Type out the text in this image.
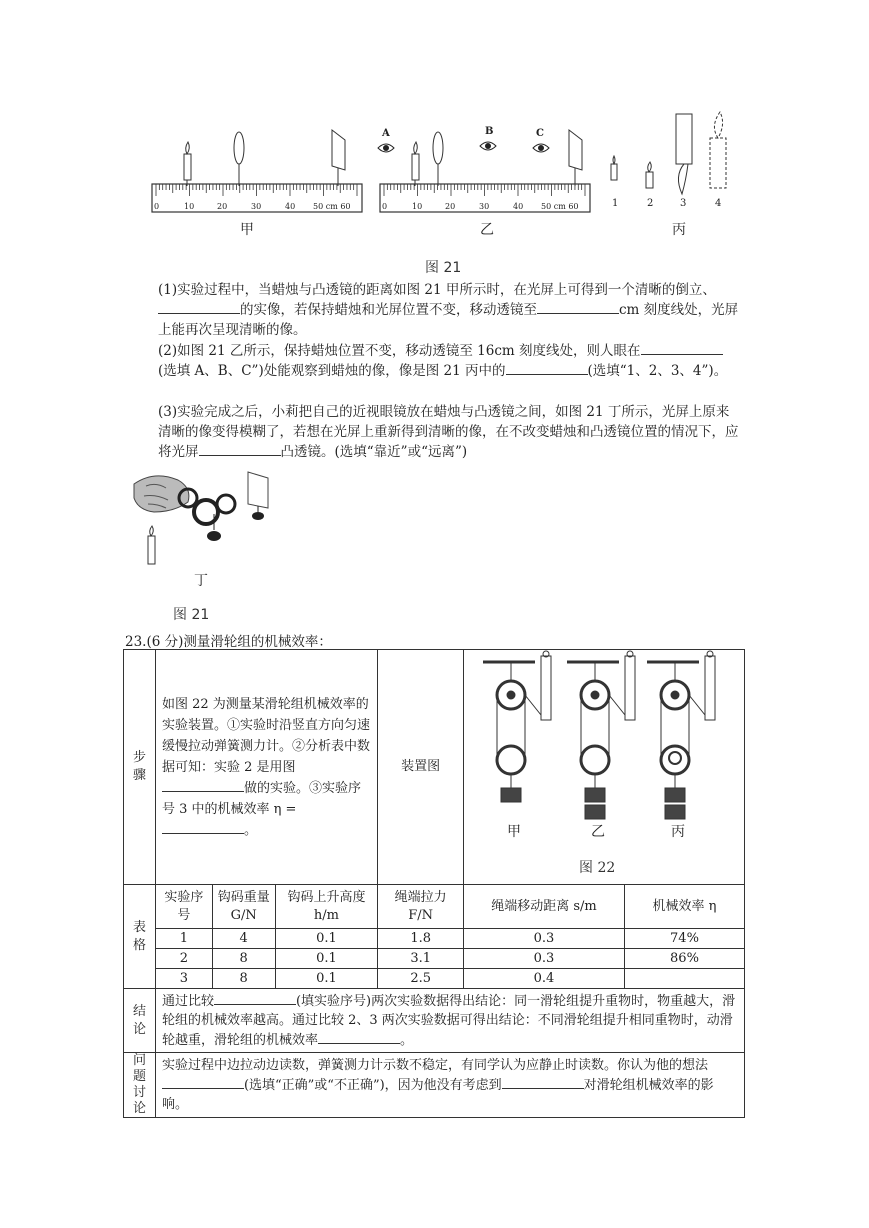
0	10	20	30	40 50 cm 60
甲
0	10	20	30	40 50 cm 60
A	B	C
乙
1	2	3	4
丙
图 21
(1)实验过程中，当蜡烛与凸透镜的距离如图 21 甲所示时，在光屏上可得到一个清晰的倒立、的实像，若保持蜡烛和光屏位置不变，移动透镜至	cm 刻度线处，光屏上能再次呈现清晰的像。
(2)如图 21 乙所示，保持蜡烛位置不变，移动透镜至 16cm 刻度线处，则人眼在(选填 A、B、C”)处能观察到蜡烛的像，像是图 21 丙中的	(选填“1、2、3、4”)。
(3)实验完成之后，小莉把自己的近视眼镜放在蜡烛与凸透镜之间，如图 21 丁所示，光屏上原来清晰的像变得模糊了，若想在光屏上重新得到清晰的像，在不改变蜡烛和凸透镜位置的情况下，应将光屏	凸透镜。(选填“靠近”或“远离”)
丁
图 21
23.(6 分)测量滑轮组的机械效率：
步骤	如图 22 为测量某滑轮组机械效率的实验装置。①实验时沿竖直方向匀速缓慢拉动弹簧测力计。②分析表中数据可知：实验 2 是用图做的实验。③实验序号 3 中的机械效率 η =。			装置图	甲 乙 丙
图 22	

表格	实验序号	钩码重量 G/N	钩码上升高度 h/m	绳端拉力 F/N	绳端移动距离 s/m	机械效率 η
	1	4	0.1	1.8	0.3	74%
	2	8	0.1	3.1	0.3	86%
	3	8	0.1	2.5	0.4	
结论	通过比较 (填实验序号)两次实验数据得出结论：同一滑轮组提升重物时，物重越大，滑轮组的机械效率越高。通过比较 2、3 两次实验数据可得出结论：不同滑轮组提升相同重物时，动滑轮越重，滑轮组的机械效率 。					
问题讨论	实验过程中边拉动边读数，弹簧测力计示数不稳定，有同学认为应静止时读数。你认为他的想法(选填“正确”或“不正确”)，因为他没有考虑到 对滑轮组机械效率的影响。					
